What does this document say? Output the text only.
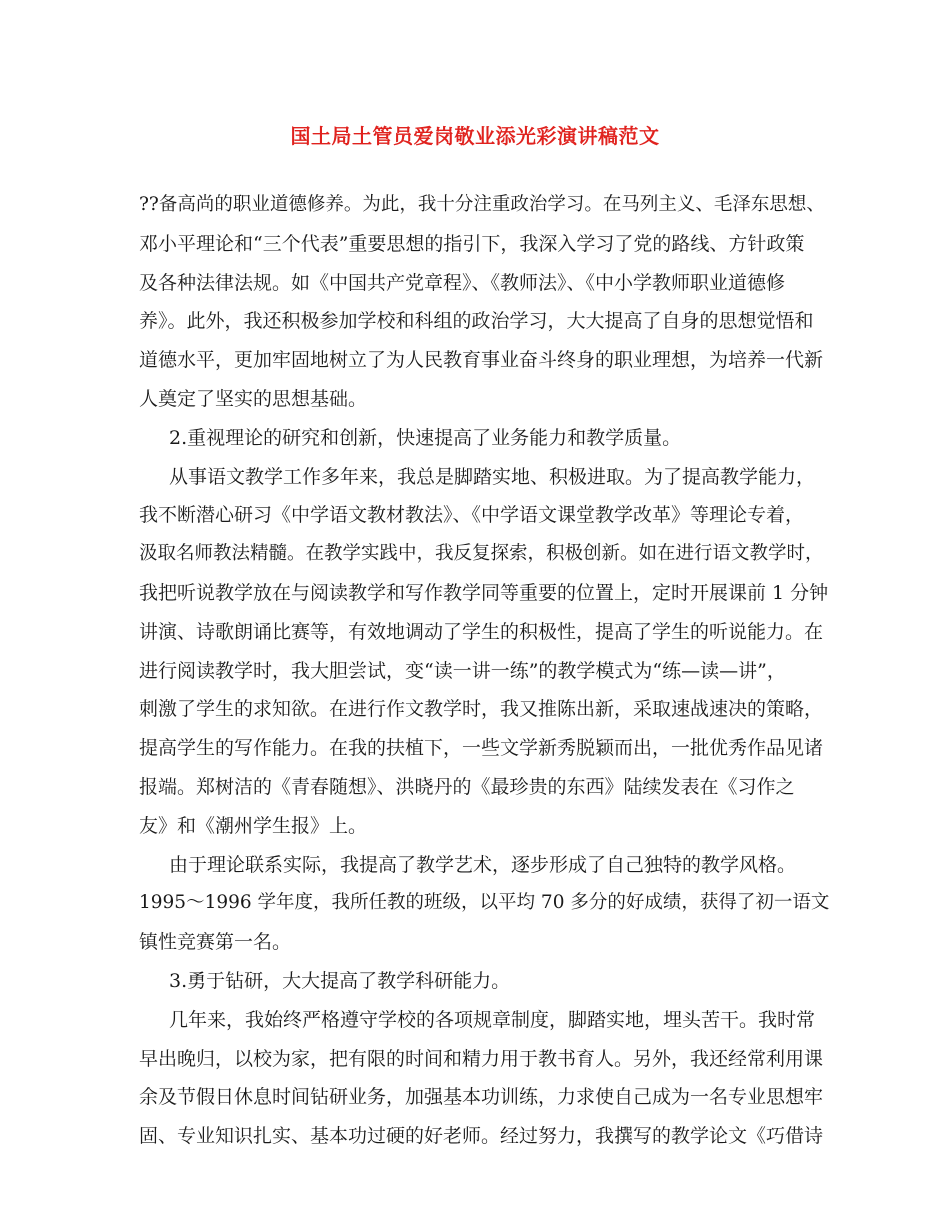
国土局土管员爱岗敬业添光彩演讲稿范文
??备高尚的职业道德修养。为此，我十分注重政治学习。在马列主义、毛泽东思想、
邓小平理论和“三个代表”重要思想的指引下，我深入学习了党的路线、方针政策
及各种法律法规。如《中国共产党章程》、《教师法》、《中小学教师职业道德修
养》。此外，我还积极参加学校和科组的政治学习，大大提高了自身的思想觉悟和
道德水平，更加牢固地树立了为人民教育事业奋斗终身的职业理想，为培养一代新
人奠定了坚实的思想基础。
2.重视理论的研究和创新，快速提高了业务能力和教学质量。
从事语文教学工作多年来，我总是脚踏实地、积极进取。为了提高教学能力，
我不断潜心研习《中学语文教材教法》、《中学语文课堂教学改革》等理论专着，
汲取名师教法精髓。在教学实践中，我反复探索，积极创新。如在进行语文教学时，
我把听说教学放在与阅读教学和写作教学同等重要的位置上，定时开展课前 1 分钟
讲演、诗歌朗诵比赛等，有效地调动了学生的积极性，提高了学生的听说能力。在
进行阅读教学时，我大胆尝试，变“读一讲一练”的教学模式为“练—读—讲”，
刺激了学生的求知欲。在进行作文教学时，我又推陈出新，采取速战速决的策略，
提高学生的写作能力。在我的扶植下，一些文学新秀脱颖而出，一批优秀作品见诸
报端。郑树洁的《青春随想》、洪晓丹的《最珍贵的东西》陆续发表在《习作之
友》和《潮州学生报》上。
由于理论联系实际，我提高了教学艺术，逐步形成了自己独特的教学风格。
1995～1996 学年度，我所任教的班级，以平均 70 多分的好成绩，获得了初一语文
镇性竞赛第一名。
3.勇于钻研，大大提高了教学科研能力。
几年来，我始终严格遵守学校的各项规章制度，脚踏实地，埋头苦干。我时常
早出晚归，以校为家，把有限的时间和精力用于教书育人。另外，我还经常利用课
余及节假日休息时间钻研业务，加强基本功训练，力求使自己成为一名专业思想牢
固、专业知识扎实、基本功过硬的好老师。经过努力，我撰写的教学论文《巧借诗
